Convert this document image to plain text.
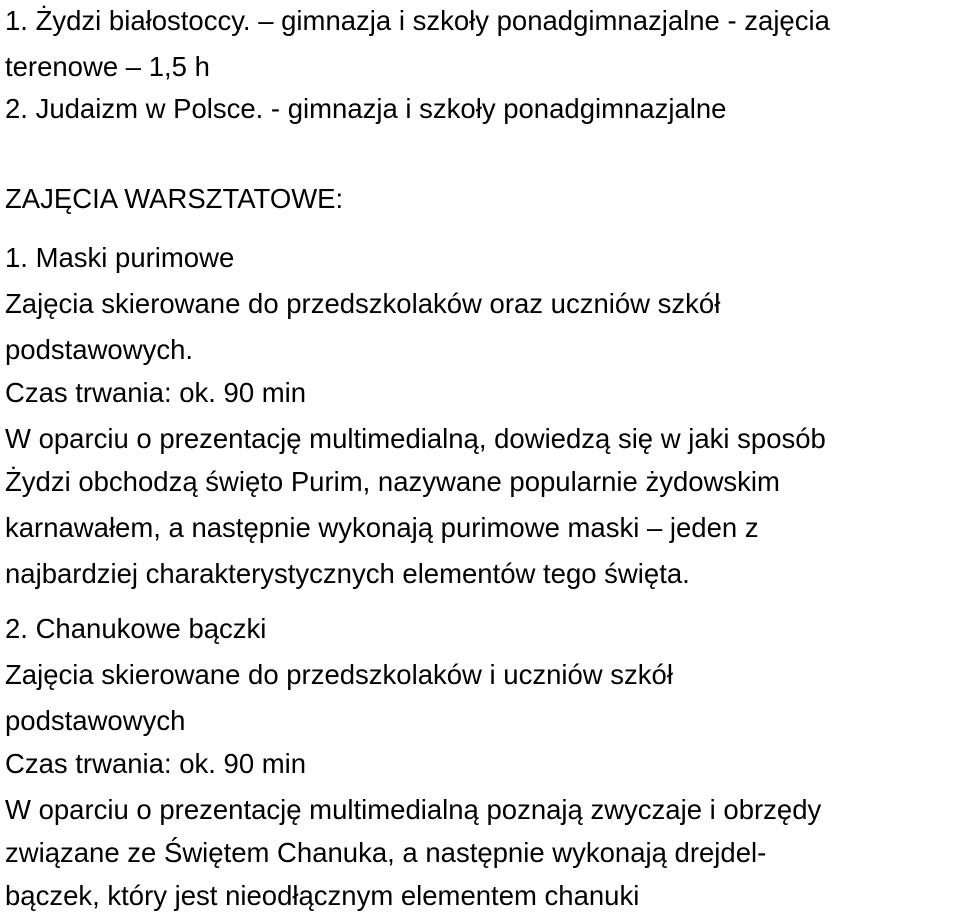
1. Żydzi białostoccy. – gimnazja i szkoły ponadgimnazjalne - zajęcia

terenowe – 1,5 h

2. Judaizm w Polsce. - gimnazja i szkoły ponadgimnazjalne

ZAJĘCIA WARSZTATOWE:

1. Maski purimowe

Zajęcia skierowane do przedszkolaków oraz uczniów szkół

podstawowych.

Czas trwania: ok. 90 min

W oparciu o prezentację multimedialną, dowiedzą się w jaki sposób

Żydzi obchodzą święto Purim, nazywane popularnie żydowskim

karnawałem, a następnie wykonają purimowe maski – jeden z

najbardziej charakterystycznych elementów tego święta.

2. Chanukowe bączki

Zajęcia skierowane do przedszkolaków i uczniów szkół

podstawowych

Czas trwania: ok. 90 min

W oparciu o prezentację multimedialną poznają zwyczaje i obrzędy

związane ze Świętem Chanuka, a następnie wykonają drejdel-

bączek, który jest nieodłącznym elementem chanuki
